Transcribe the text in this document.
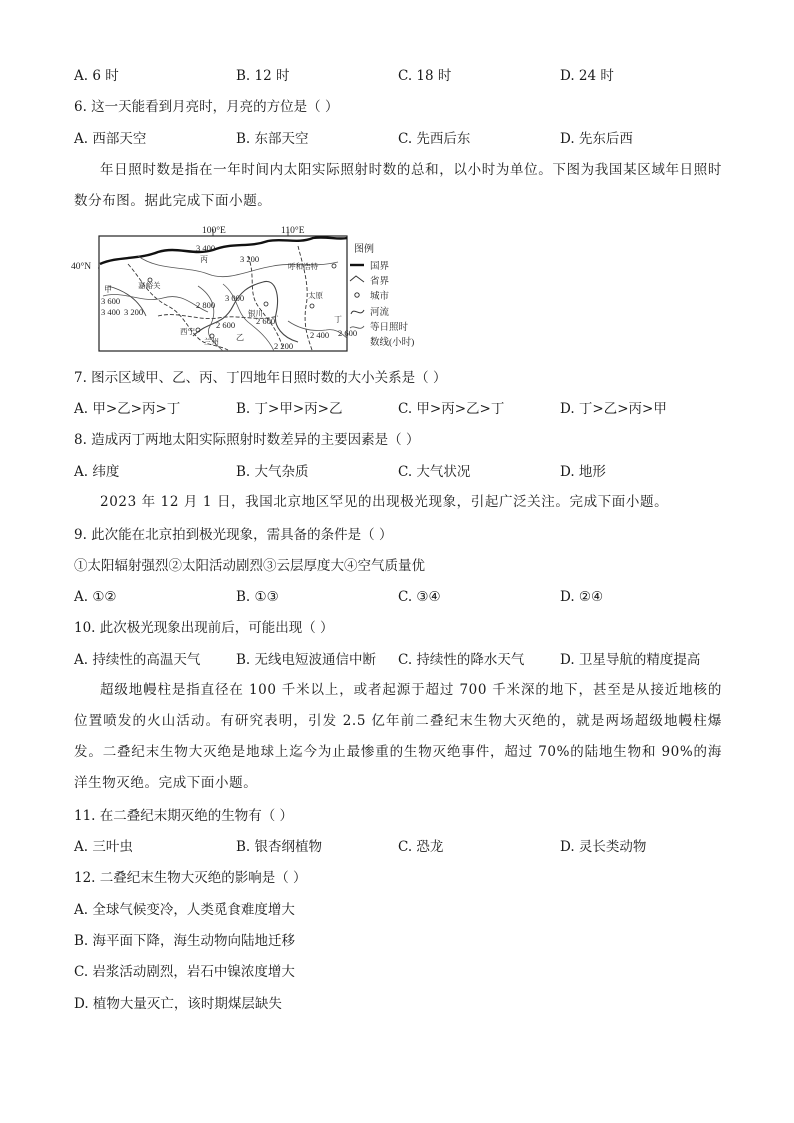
A. 6 时	B. 12 时	C. 18 时	D. 24 时
6. 这一天能看到月亮时，月亮的方位是（ ）
A. 西部天空	B. 东部天空	C. 先西后东	D. 先东后西
年日照时数是指在一年时间内太阳实际照射时数的总和，以小时为单位。下图为我国某区域年日照时数分布图。据此完成下面小题。
100°E	110°E
3 400
3 200
3 600
3 400 3 200
2 800
3 000
2 600 2 600
2 400
2 200
2 600
丙
甲
乙
丁
呼和浩特
太原
银川
西宁
兰州
嘉峪关
图例
国界
省界
城市
河流
等日照时
数线(小时)
40°N
7. 图示区域甲、乙、丙、丁四地年日照时数的大小关系是（ ）
A. 甲>乙>丙>丁	B. 丁>甲>丙>乙	C. 甲>丙>乙>丁	D. 丁>乙>丙>甲
8. 造成丙丁两地太阳实际照射时数差异的主要因素是（ ）
A. 纬度	B. 大气杂质	C. 大气状况	D. 地形
2023 年 12 月 1 日，我国北京地区罕见的出现极光现象，引起广泛关注。完成下面小题。
9. 此次能在北京拍到极光现象，需具备的条件是（ ）
①太阳辐射强烈②太阳活动剧烈③云层厚度大④空气质量优
A. ①②	B. ①③	C. ③④	D. ②④
10. 此次极光现象出现前后，可能出现（ ）
A. 持续性的高温天气	B. 无线电短波通信中断 C. 持续性的降水天气	D. 卫星导航的精度提高
超级地幔柱是指直径在 100 千米以上，或者起源于超过 700 千米深的地下，甚至是从接近地核的位置喷发的火山活动。有研究表明，引发 2.5 亿年前二叠纪末生物大灭绝的，就是两场超级地幔柱爆发。二叠纪末生物大灭绝是地球上迄今为止最惨重的生物灭绝事件，超过 70%的陆地生物和 90%的海洋生物灭绝。完成下面小题。
11. 在二叠纪末期灭绝的生物有（ ）
A. 三叶虫	B. 银杏纲植物	C. 恐龙	D. 灵长类动物
12. 二叠纪末生物大灭绝的影响是（ ）
A. 全球气候变冷，人类觅食难度增大
B. 海平面下降，海生动物向陆地迁移
C. 岩浆活动剧烈，岩石中镍浓度增大
D. 植物大量灭亡，该时期煤层缺失
